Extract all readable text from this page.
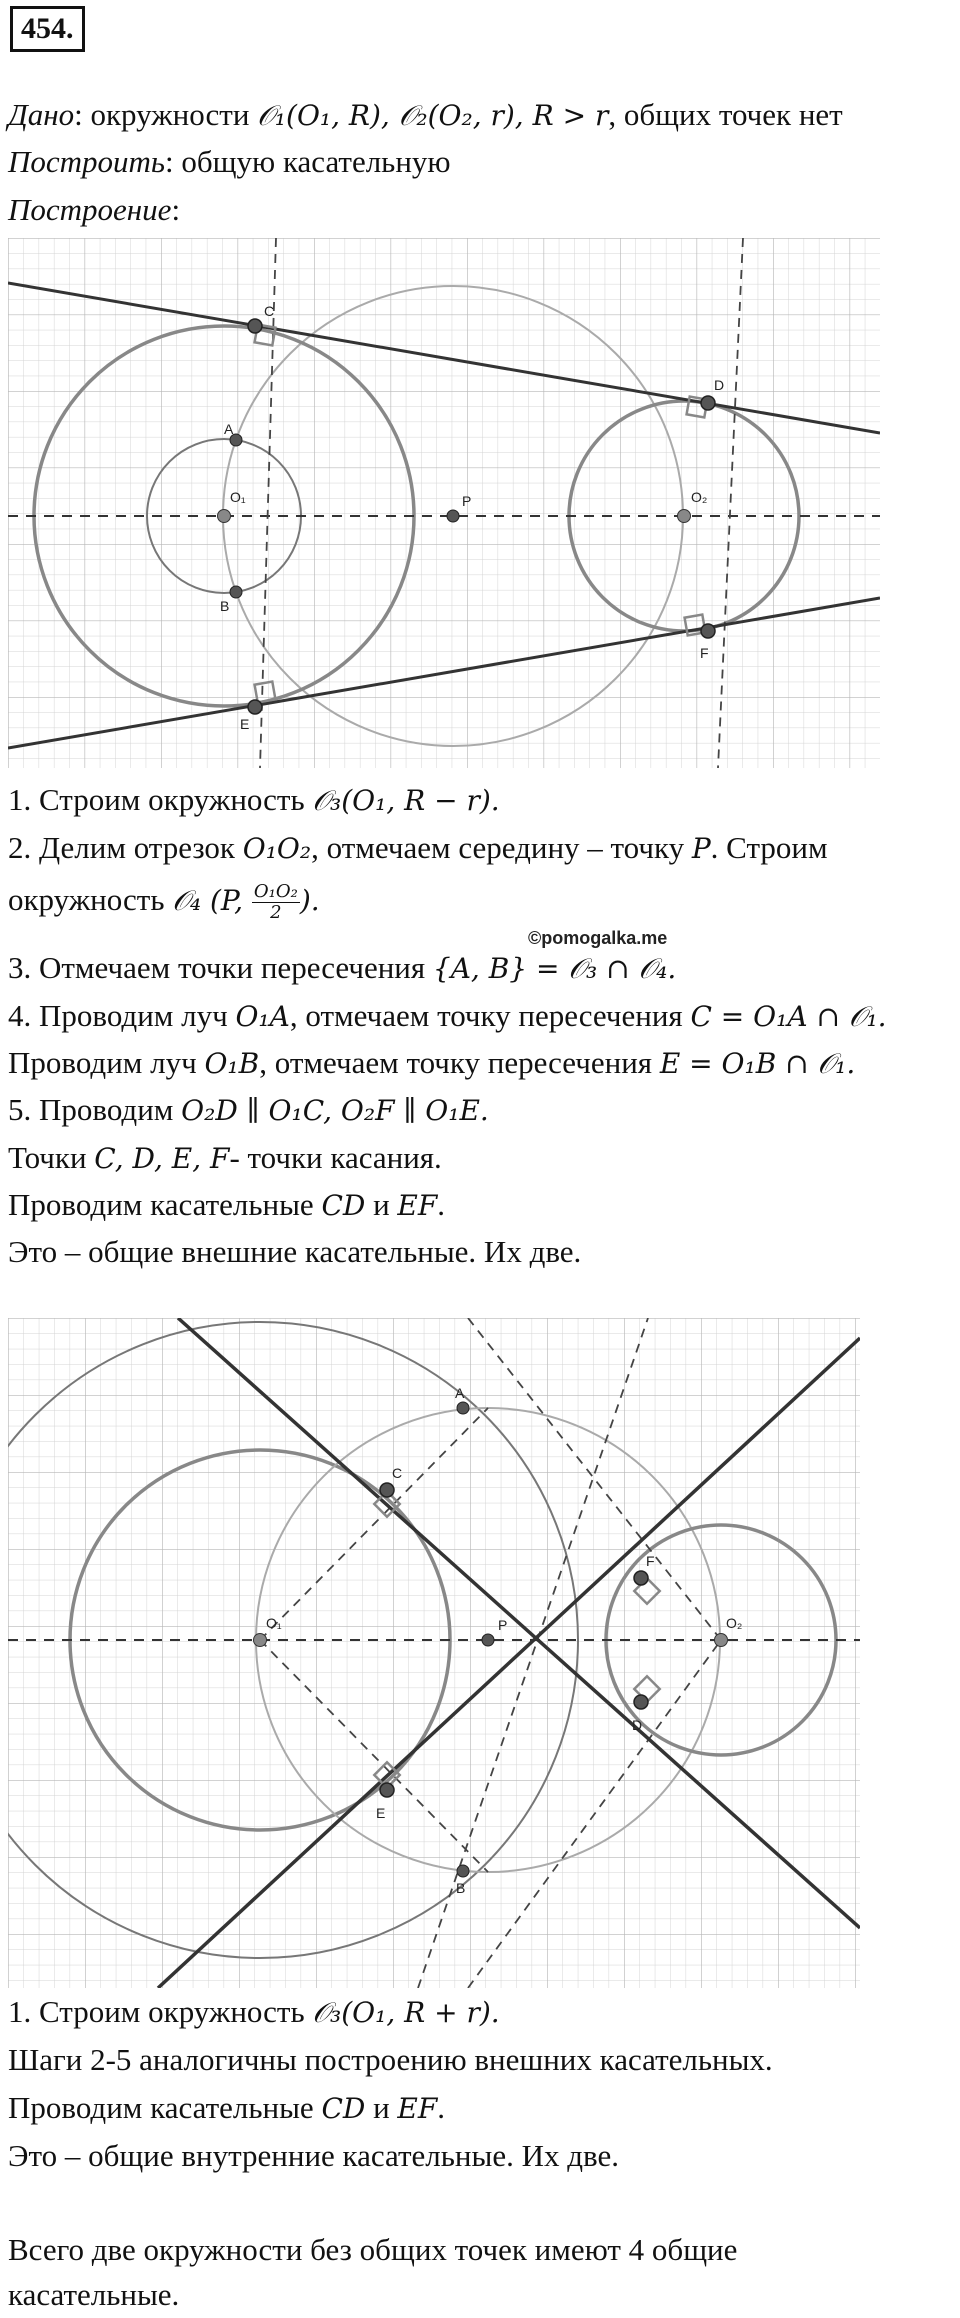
454.
Дано: окружности 𝒪₁(O₁, R), 𝒪₂(O₂, r), R > r, общих точек нет
Построить: общую касательную
Построение:
C
D
A
B
E
F
O₁	O₂
P
1. Строим окружность 𝒪₃(O₁, R − r).
2. Делим отрезок O₁O₂, отмечаем середину – точку P. Строим
окружность 𝒪₄ (P, $\frac{\text{O₁O₂}}{2}$ ).
©pomogalka.me
3. Отмечаем точки пересечения {A, B} = 𝒪₃ ∩ 𝒪₄.
4. Проводим луч O₁A, отмечаем точку пересечения C = O₁A ∩ 𝒪₁.
Проводим луч O₁B, отмечаем точку пересечения E = O₁B ∩ 𝒪₁.
5. Проводим O₂D ∥ O₁C, O₂F ∥ O₁E.
Точки C, D, E, F- точки касания.
Проводим касательные CD и EF.
Это – общие внешние касательные. Их две.
A
B
C
F
E
D
O₁	O₂
P
1. Строим окружность 𝒪₃(O₁, R + r).
Шаги 2-5 аналогичны построению внешних касательных.
Проводим касательные CD и EF.
Это – общие внутренние касательные. Их две.
Всего две окружности без общих точек имеют 4 общие
касательные.
